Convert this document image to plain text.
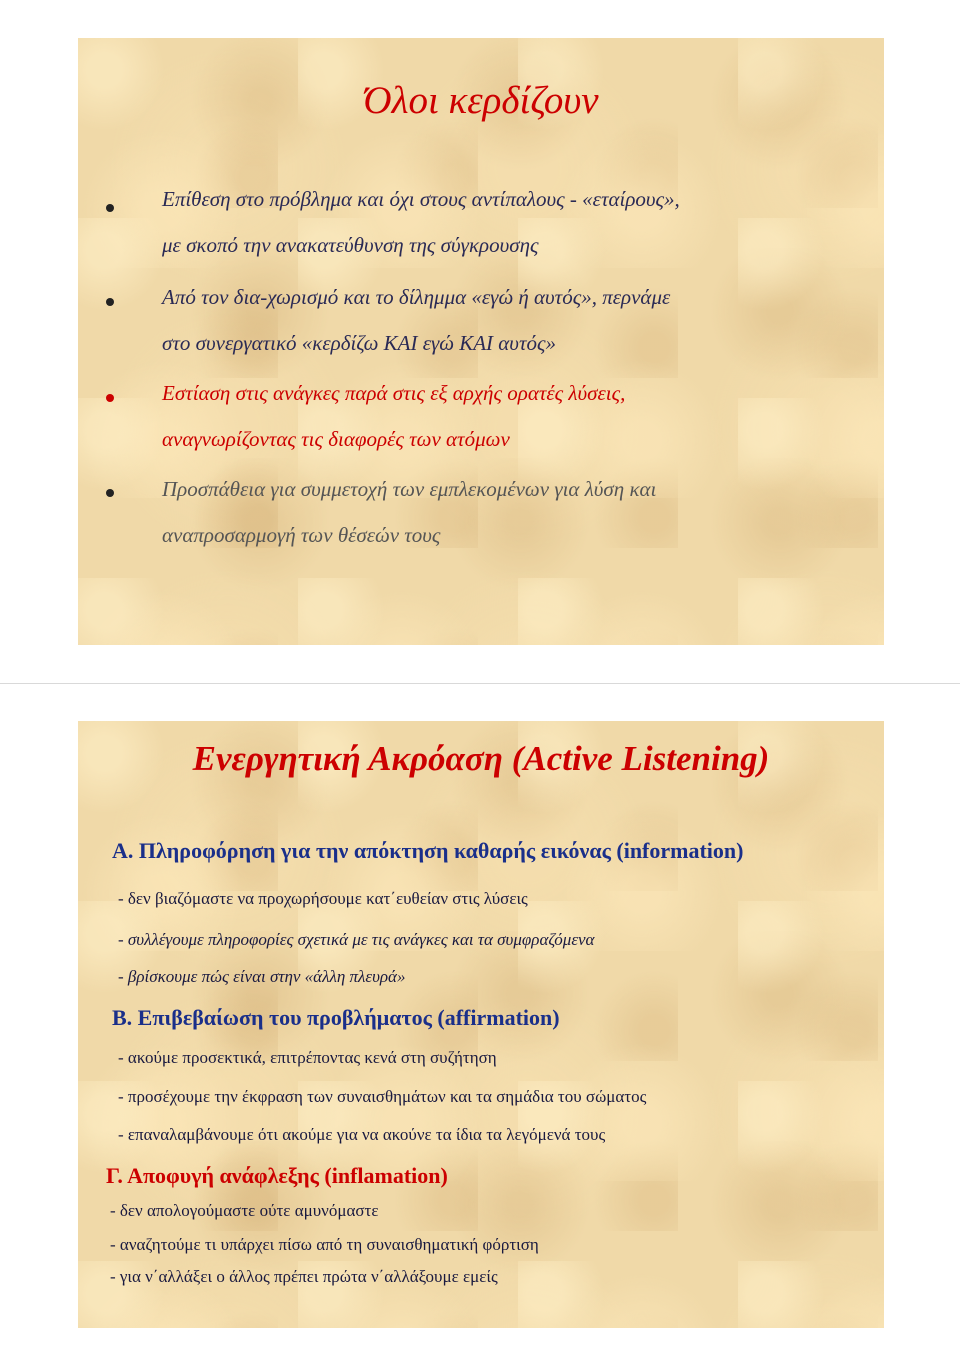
Όλοι κερδίζουν
Επίθεση στο πρόβλημα και όχι στους αντίπαλους - «εταίρους»,
με σκοπό την ανακατεύθυνση της σύγκρουσης
Από τον δια-χωρισμό και το δίλημμα «εγώ ή αυτός», περνάμε
στο συνεργατικό «κερδίζω ΚΑΙ εγώ ΚΑΙ αυτός»
Εστίαση στις ανάγκες παρά στις εξ αρχής ορατές λύσεις,
αναγνωρίζοντας τις διαφορές των ατόμων
Προσπάθεια για συμμετοχή των εμπλεκομένων για λύση και
αναπροσαρμογή των θέσεών τους
Ενεργητική Ακρόαση (Active Listening)
Α. Πληροφόρηση για την απόκτηση καθαρής εικόνας (information)
- δεν βιαζόμαστε να προχωρήσουμε κατ΄ευθείαν στις λύσεις
- συλλέγουμε πληροφορίες σχετικά με τις ανάγκες και τα συμφραζόμενα
- βρίσκουμε πώς είναι στην «άλλη πλευρά»
Β. Επιβεβαίωση του προβλήματος (affirmation)
- ακούμε προσεκτικά, επιτρέποντας κενά στη συζήτηση
- προσέχουμε την έκφραση των συναισθημάτων και τα σημάδια του σώματος
- επαναλαμβάνουμε ότι ακούμε για να ακούνε τα ίδια τα λεγόμενά τους
Γ. Αποφυγή ανάφλεξης (inflamation)
- δεν απολογούμαστε ούτε αμυνόμαστε
- αναζητούμε τι υπάρχει πίσω από τη συναισθηματική φόρτιση
- για ν΄αλλάξει ο άλλος πρέπει πρώτα ν΄αλλάξουμε εμείς
